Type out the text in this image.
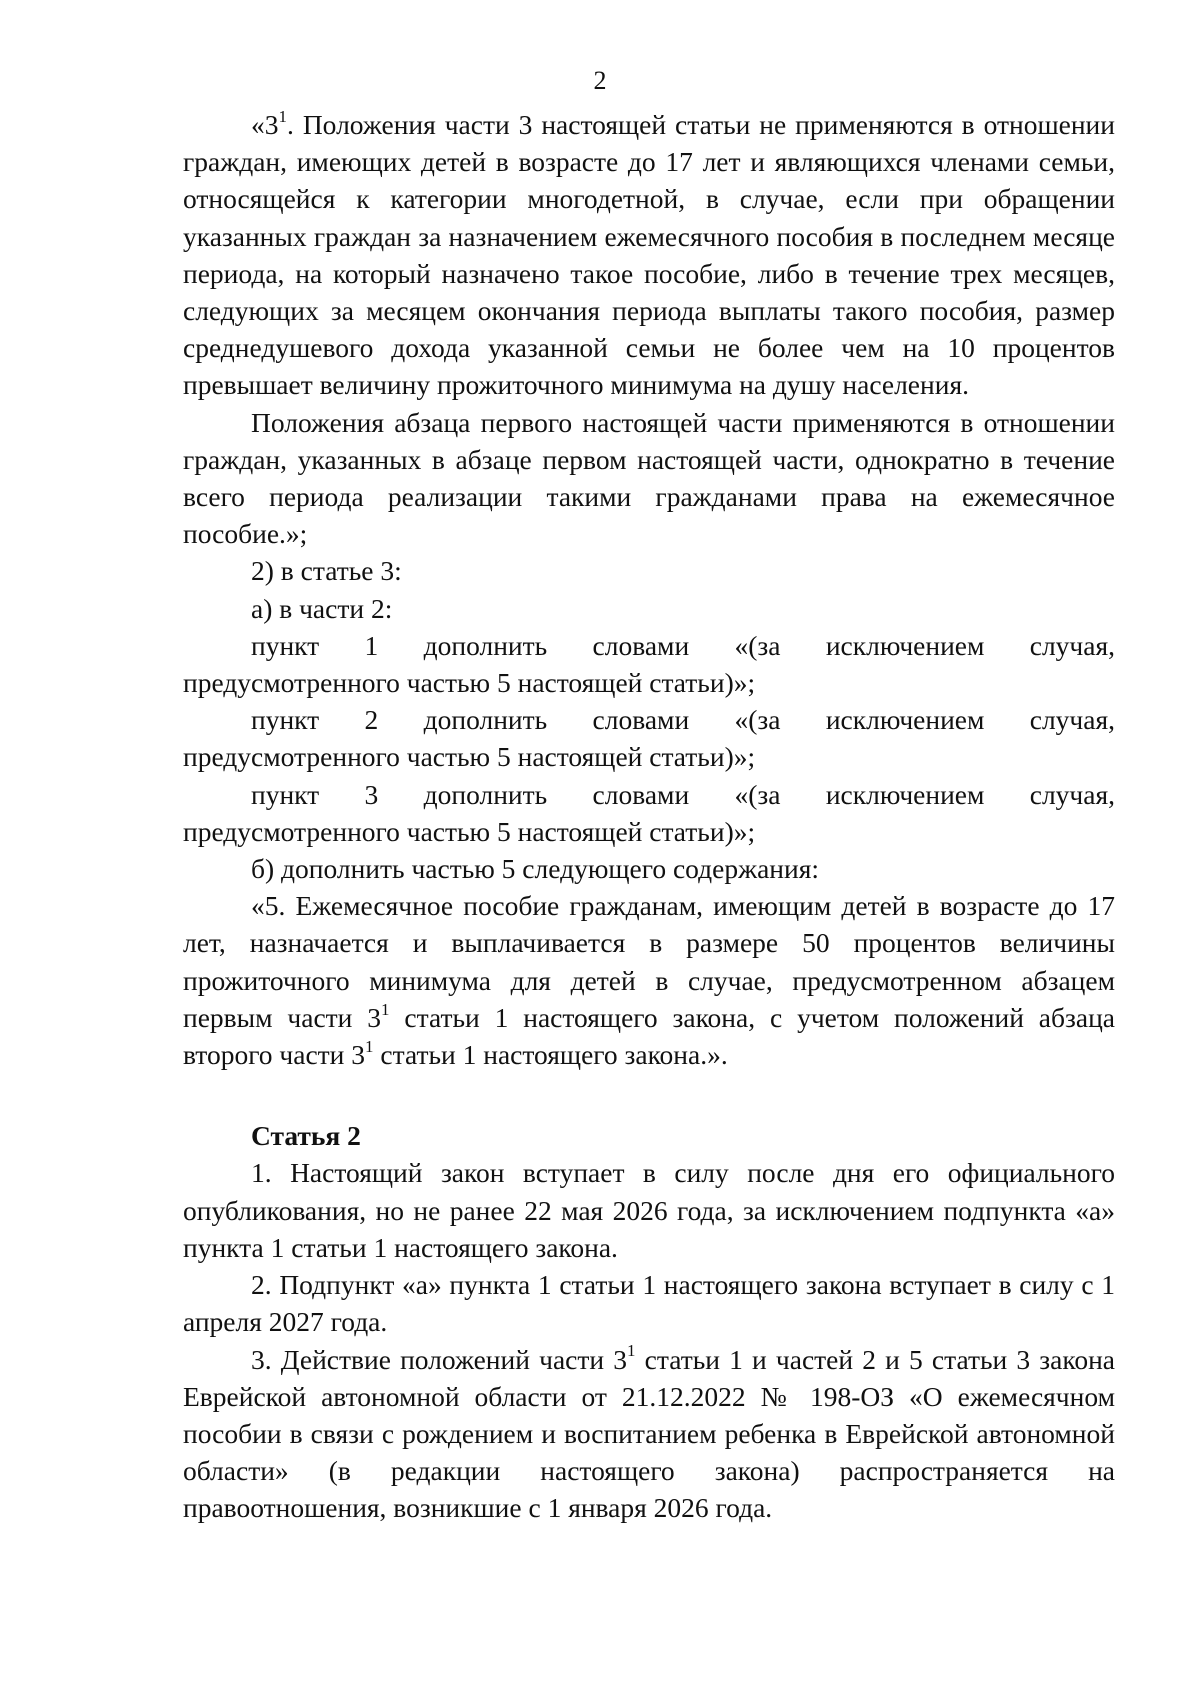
2

«$3^1$. Положения части 3 настоящей статьи не применяются в отношении граждан, имеющих детей в возрасте до 17 лет и являющихся членами семьи, относящейся к категории многодетной, в случае, если при обращении указанных граждан за назначением ежемесячного пособия в последнем месяце периода, на который назначено такое пособие, либо в течение трех месяцев, следующих за месяцем окончания периода выплаты такого пособия, размер среднедушевого дохода указанной семьи не более чем на 10 процентов превышает величину прожиточного минимума на душу населения.

Положения абзаца первого настоящей части применяются в отношении граждан, указанных в абзаце первом настоящей части, однократно в течение всего периода реализации такими гражданами права на ежемесячное пособие.»;

2) в статье 3:

а) в части 2:

пункт 1 дополнить словами «(за исключением случая,

предусмотренного частью 5 настоящей статьи)»;

пункт 2 дополнить словами «(за исключением случая,

предусмотренного частью 5 настоящей статьи)»;

пункт 3 дополнить словами «(за исключением случая,

предусмотренного частью 5 настоящей статьи)»;

б) дополнить частью 5 следующего содержания:

«5. Ежемесячное пособие гражданам, имеющим детей в возрасте до 17 лет, назначается и выплачивается в размере 50 процентов величины прожиточного минимума для детей в случае, предусмотренном абзацем первым части $3^1$ статьи 1 настоящего закона, с учетом положений абзаца второго части $3^1$ статьи 1 настоящего закона.».

Статья 2

1. Настоящий закон вступает в силу после дня его официального опубликования, но не ранее 22 мая 2026 года, за исключением подпункта «а» пункта 1 статьи 1 настоящего закона.

2. Подпункт «а» пункта 1 статьи 1 настоящего закона вступает в силу с 1 апреля 2027 года.

3. Действие положений части $3^1$ статьи 1 и частей 2 и 5 статьи 3 закона Еврейской автономной области от 21.12.2022 № 198-ОЗ «О ежемесячном пособии в связи с рождением и воспитанием ребенка в Еврейской автономной области» (в редакции настоящего закона) распространяется на правоотношения, возникшие с 1 января 2026 года.
